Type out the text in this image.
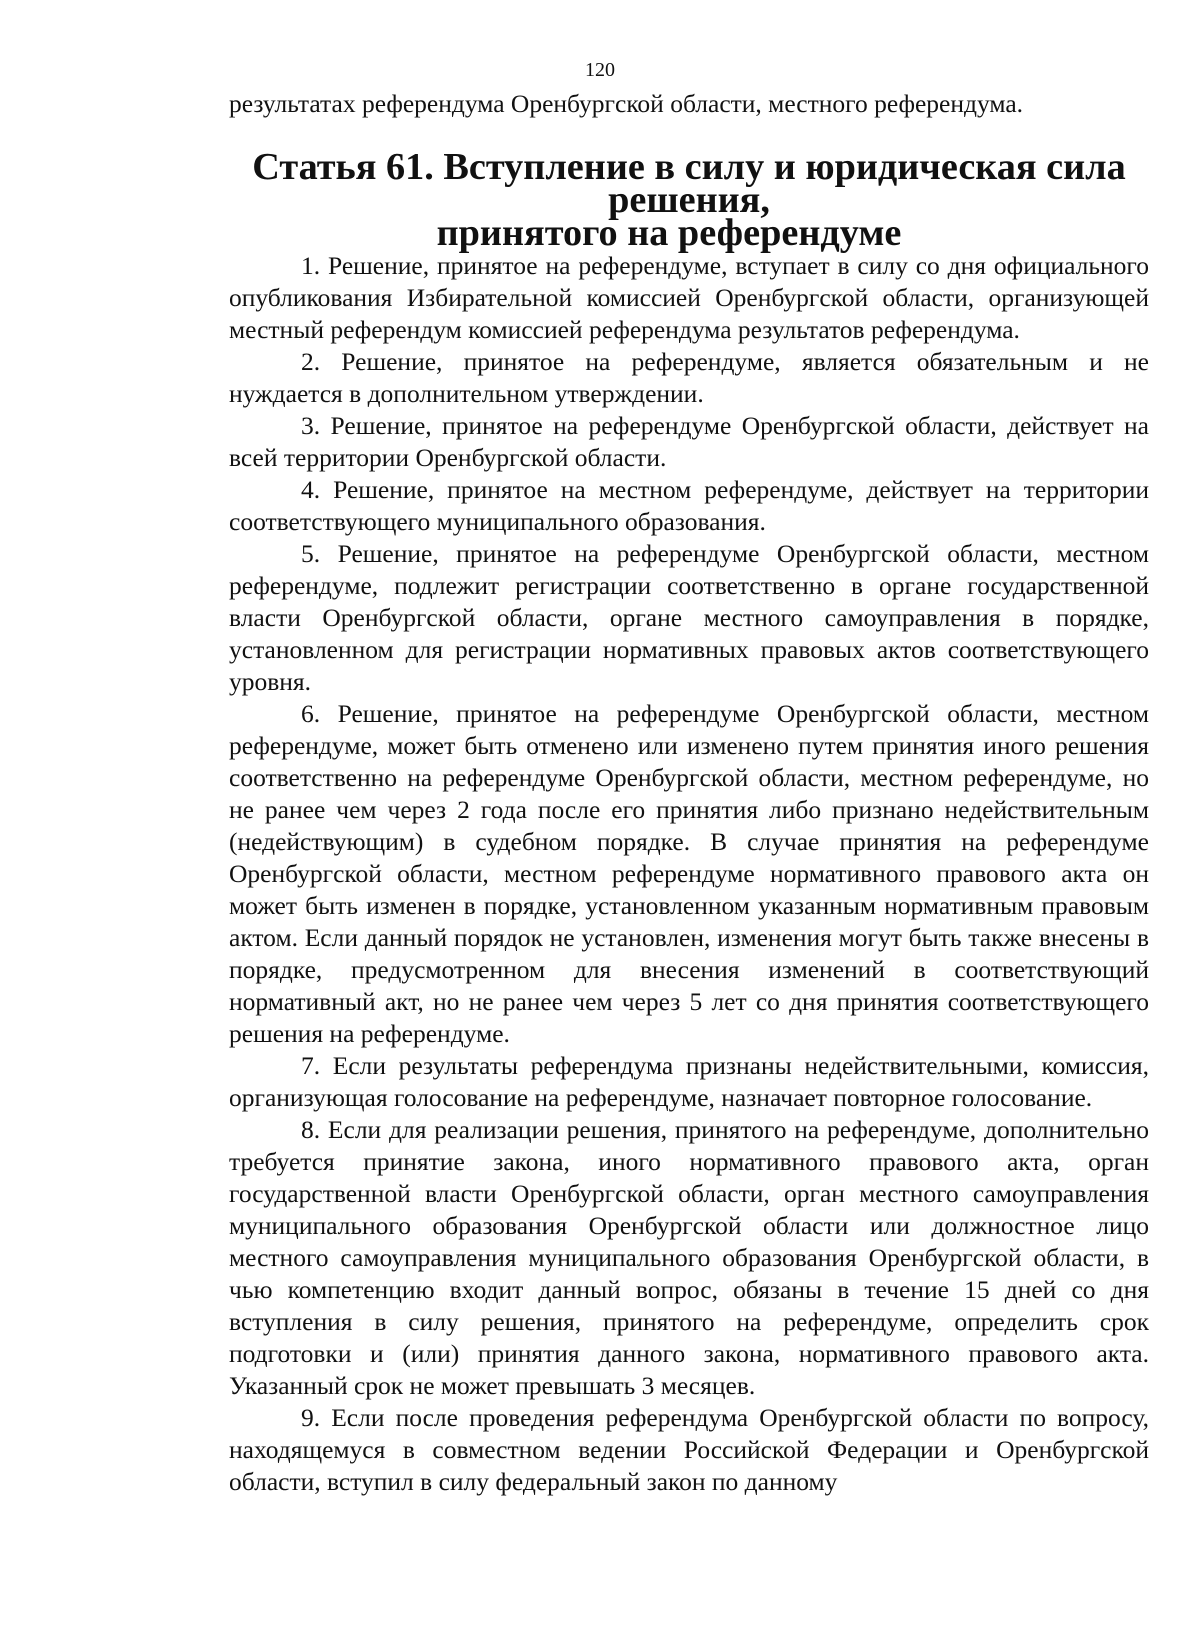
120

результатах референдума Оренбургской области, местного референдума.

Статья 61. Вступление в силу и юридическая сила решения,
принятого на референдуме

1. Решение, принятое на референдуме, вступает в силу со дня официального опубликования Избирательной комиссией Оренбургской области, организующей местный референдум комиссией референдума результатов референдума.

2. Решение, принятое на референдуме, является обязательным и не нуждается в дополнительном утверждении.

3. Решение, принятое на референдуме Оренбургской области, действует на всей территории Оренбургской области.

4. Решение, принятое на местном референдуме, действует на территории соответствующего муниципального образования.

5. Решение, принятое на референдуме Оренбургской области, местном референдуме, подлежит регистрации соответственно в органе государственной власти Оренбургской области, органе местного самоуправления в порядке, установленном для регистрации нормативных правовых актов соответствующего уровня.

6. Решение, принятое на референдуме Оренбургской области, местном референдуме, может быть отменено или изменено путем принятия иного решения соответственно на референдуме Оренбургской области, местном референдуме, но не ранее чем через 2 года после его принятия либо признано недействительным (недействующим) в судебном порядке. В случае принятия на референдуме Оренбургской области, местном референдуме нормативного правового акта он может быть изменен в порядке, установленном указанным нормативным правовым актом. Если данный порядок не установлен, изменения могут быть также внесены в порядке, предусмотренном для внесения изменений в соответствующий нормативный акт, но не ранее чем через 5 лет со дня принятия соответствующего решения на референдуме.

7. Если результаты референдума признаны недействительными, комиссия, организующая голосование на референдуме, назначает повторное голосование.

8. Если для реализации решения, принятого на референдуме, дополнительно требуется принятие закона, иного нормативного правового акта, орган государственной власти Оренбургской области, орган местного самоуправления муниципального образования Оренбургской области или должностное лицо местного самоуправления муниципального образования Оренбургской области, в чью компетенцию входит данный вопрос, обязаны в течение 15 дней со дня вступления в силу решения, принятого на референдуме, определить срок подготовки и (или) принятия данного закона, нормативного правового акта. Указанный срок не может превышать 3 месяцев.

9. Если после проведения референдума Оренбургской области по вопросу, находящемуся в совместном ведении Российской Федерации и Оренбургской области, вступил в силу федеральный закон по данному
